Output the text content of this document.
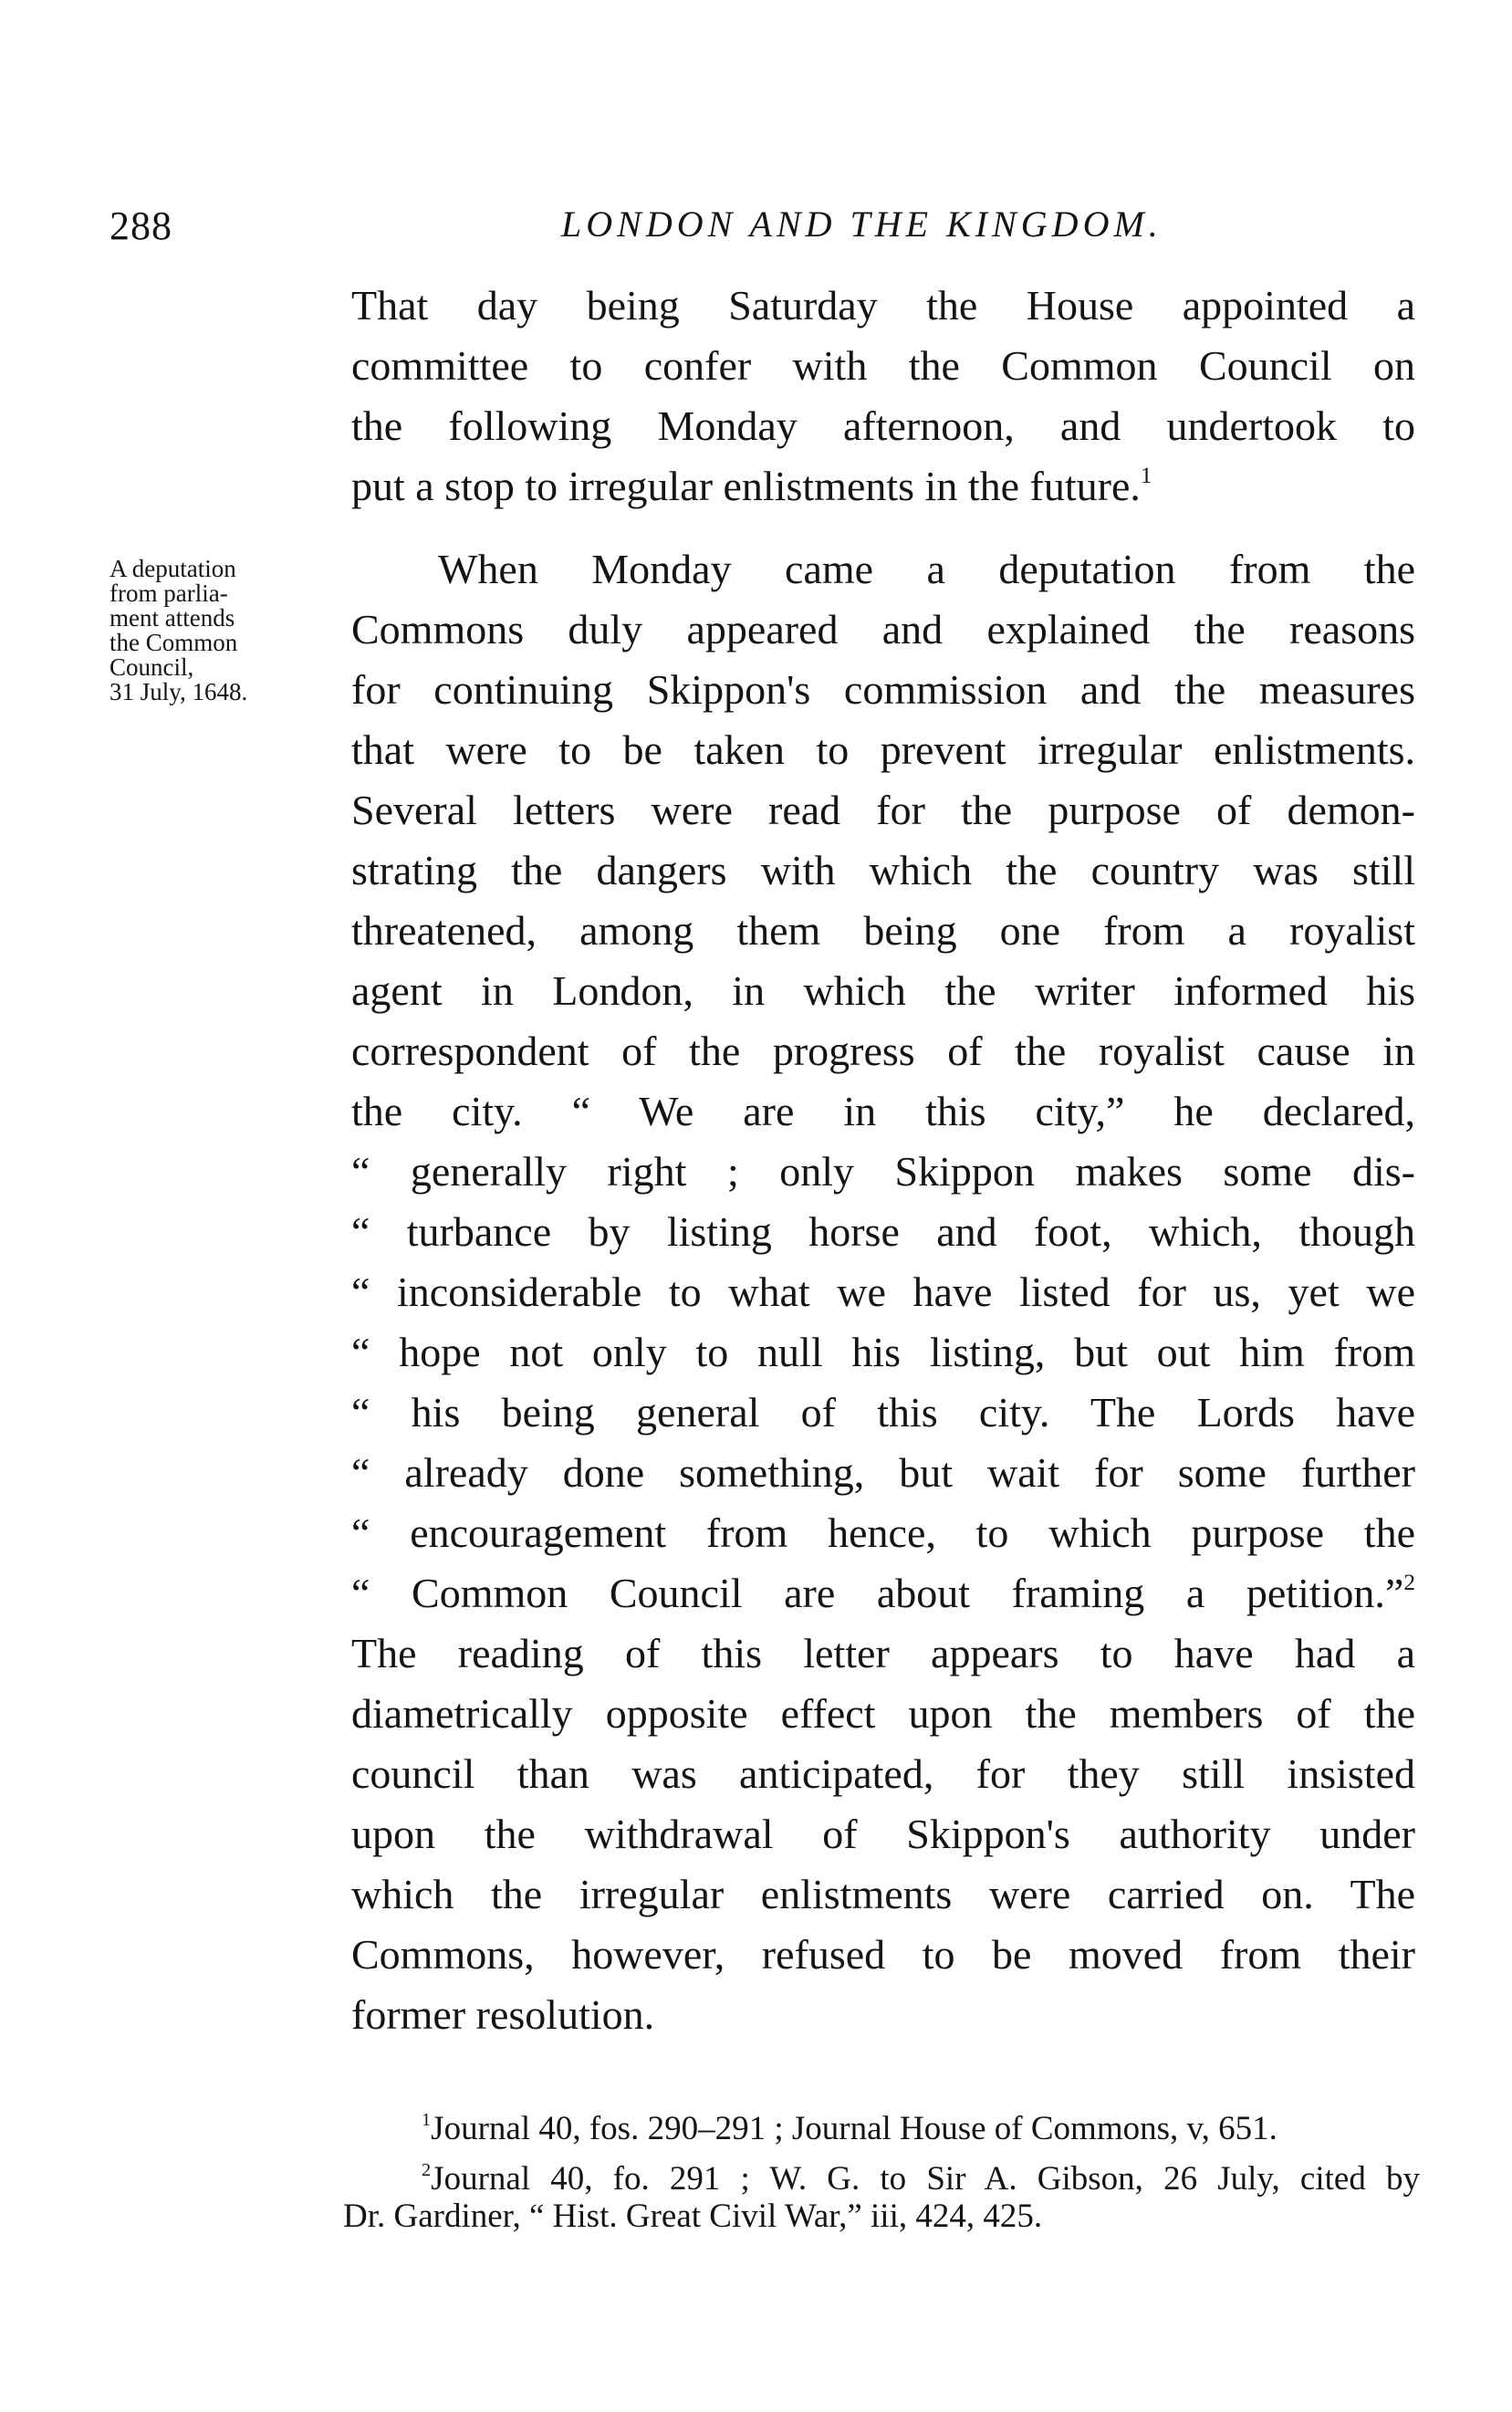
288	LONDON AND THE KINGDOM.
That day being Saturday the House appointed a
committee to confer with the Common Council on
the following Monday afternoon, and undertook to
put a stop to irregular enlistments in the future.$^1$
When Monday came a deputation from the
Commons duly appeared and explained the reasons
for continuing Skippon's commission and the measures
that were to be taken to prevent irregular enlistments.
Several letters were read for the purpose of demon-
strating the dangers with which the country was still
threatened, among them being one from a royalist
agent in London, in which the writer informed his
correspondent of the progress of the royalist cause in
the city. “ We are in this city,” he declared,
“ generally right ; only Skippon makes some dis-
“ turbance by listing horse and foot, which, though
“ inconsiderable to what we have listed for us, yet we
“ hope not only to null his listing, but out him from
“ his being general of this city. The Lords have
“ already done something, but wait for some further
“ encouragement from hence, to which purpose the
“ Common Council are about framing a petition.”$^2$
The reading of this letter appears to have had a
diametrically opposite effect upon the members of the
council than was anticipated, for they still insisted
upon the withdrawal of Skippon's authority under
which the irregular enlistments were carried on. The
Commons, however, refused to be moved from their
former resolution.
A deputation
from parlia-
ment attends
the Common
Council,
31 July, 1648.
$^1$Journal 40, fos. 290–291 ; Journal House of Commons, v, 651.
$^2$Journal 40, fo. 291 ; W. G. to Sir A. Gibson, 26 July, cited by
Dr. Gardiner, “ Hist. Great Civil War,” iii, 424, 425.
